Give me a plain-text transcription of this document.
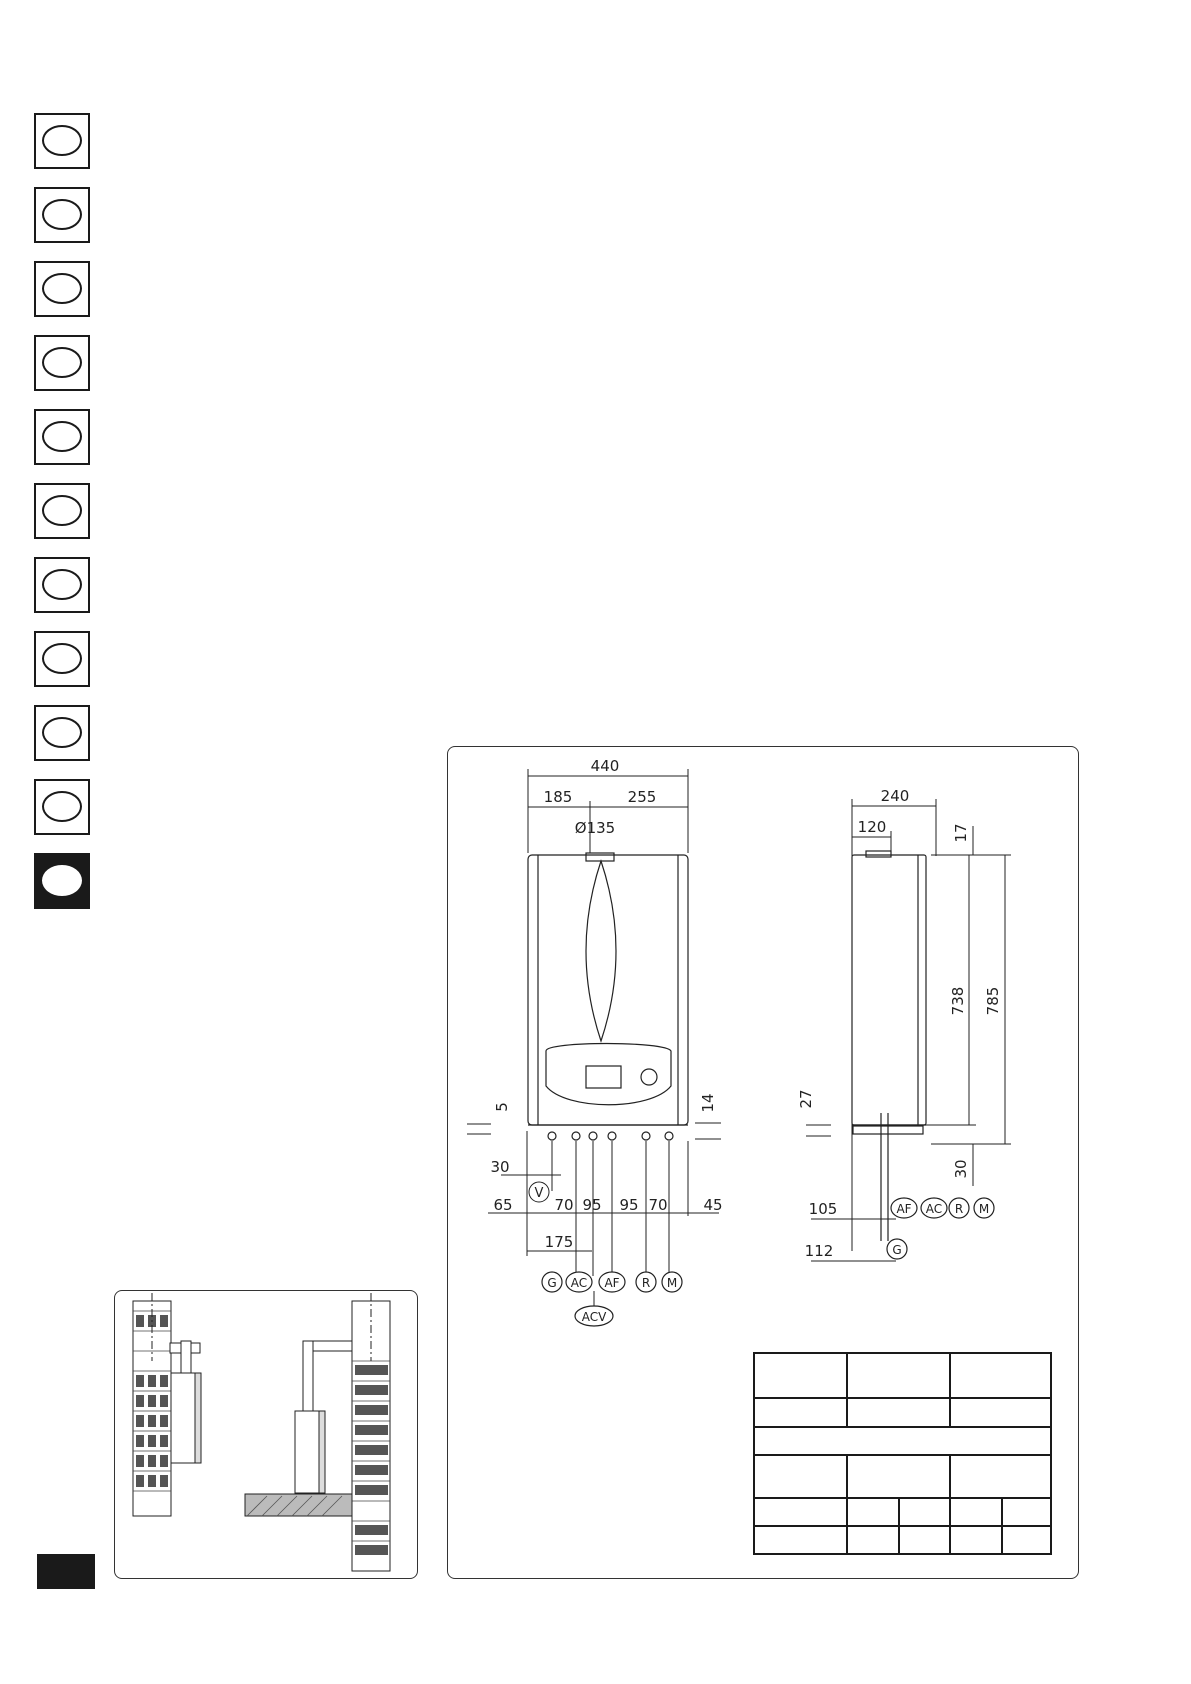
440
185	255
Ø135
5	14
30
65	70 95 95 70 45
175
V
G AC AF R M
ACV
240
120	17
738 785
27
30
105
112
AF AC R M
G
